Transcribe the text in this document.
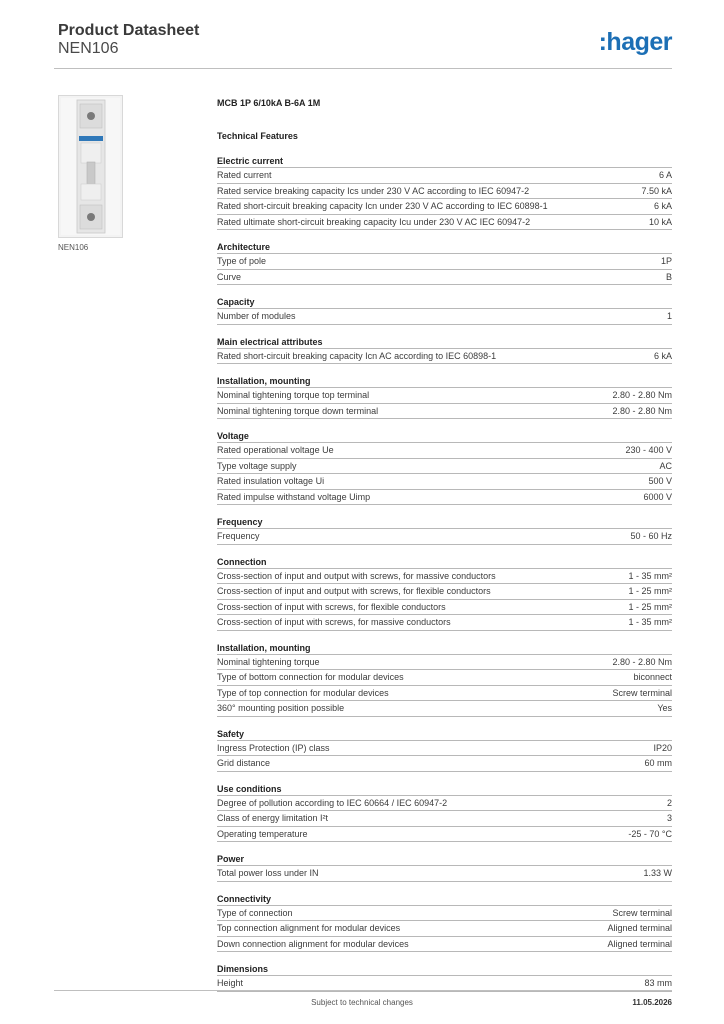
Product Datasheet
NEN106	:hager
NEN106
MCB 1P 6/10kA B-6A 1M
Technical Features
Electric current
Rated current	6 A
Rated service breaking capacity Ics under 230 V AC according to IEC 60947-2	7.50 kA
Rated short-circuit breaking capacity Icn under 230 V AC according to IEC 60898-1	6 kA
Rated ultimate short-circuit breaking capacity Icu under 230 V AC IEC 60947-2	10 kA
Architecture
Type of pole	1P
Curve	B
Capacity
Number of modules	1
Main electrical attributes
Rated short-circuit breaking capacity Icn AC according to IEC 60898-1	6 kA
Installation, mounting
Nominal tightening torque top terminal	2.80 - 2.80 Nm
Nominal tightening torque down terminal	2.80 - 2.80 Nm
Voltage
Rated operational voltage Ue	230 - 400 V
Type voltage supply	AC
Rated insulation voltage Ui	500 V
Rated impulse withstand voltage Uimp	6000 V
Frequency
Frequency	50 - 60 Hz
Connection
Cross-section of input and output with screws, for massive conductors	1 - 35 mm²
Cross-section of input and output with screws, for flexible conductors	1 - 25 mm²
Cross-section of input with screws, for flexible conductors	1 - 25 mm²
Cross-section of input with screws, for massive conductors	1 - 35 mm²
Installation, mounting
Nominal tightening torque	2.80 - 2.80 Nm
Type of bottom connection for modular devices	biconnect
Type of top connection for modular devices	Screw terminal
360° mounting position possible	Yes
Safety
Ingress Protection (IP) class	IP20
Grid distance	60 mm
Use conditions
Degree of pollution according to IEC 60664 / IEC 60947-2	2
Class of energy limitation I²t	3
Operating temperature	-25 - 70 °C
Power
Total power loss under IN	1.33 W
Connectivity
Type of connection	Screw terminal
Top connection alignment for modular devices	Aligned terminal
Down connection alignment for modular devices	Aligned terminal
Dimensions
Height	83 mm
Subject to technical changes	11.05.2026
